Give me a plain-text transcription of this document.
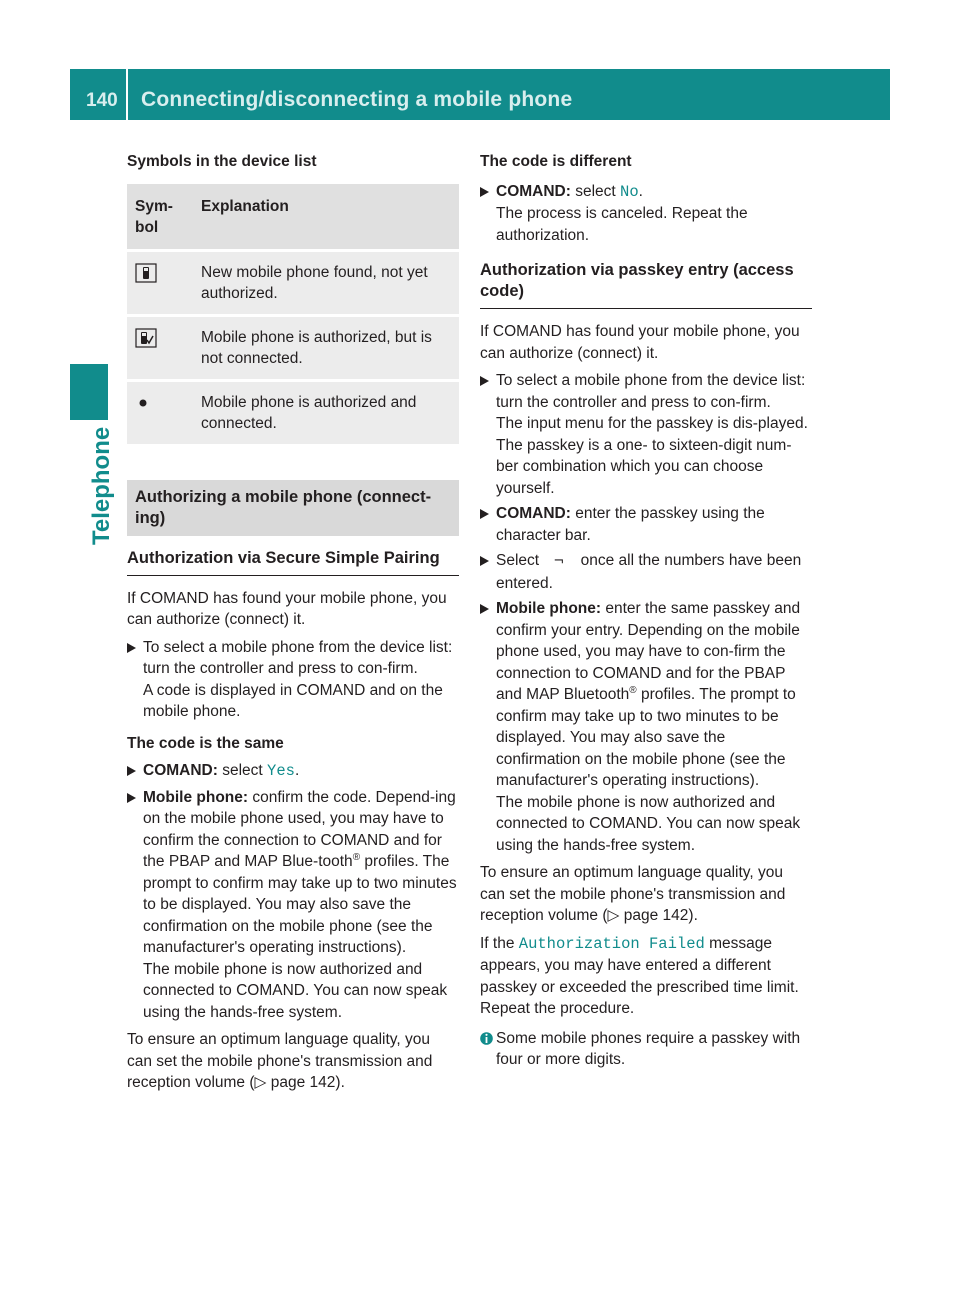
140 Connecting/disconnecting a mobile phone
Telephone

Symbols in the device list

Sym-
bol	Explanation
	New mobile phone found, not yet authorized.
	Mobile phone is authorized, but is not connected.
	Mobile phone is authorized and connected.
Authorizing a mobile phone (connect-ing)
Authorization via Secure Simple Pairing

If COMAND has found your mobile phone, you can authorize (connect) it.

To select a mobile phone from the device list: turn the controller and press to con-firm.

A code is displayed in COMAND and on the mobile phone.

The code is the same

COMAND: select Yes.

Mobile phone: confirm the code. Depend-ing on the mobile phone used, you may have to confirm the connection to COMAND and for the PBAP and MAP Blue-tooth® profiles. The prompt to confirm may take up to two minutes to be displayed. You may also save the confirmation on the mobile phone (see the manufacturer's operating instructions).

The mobile phone is now authorized and connected to COMAND. You can now speak using the hands-free system.

To ensure an optimum language quality, you can set the mobile phone's transmission and reception volume (▷ page 142).

The code is different

COMAND: select No.

The process is canceled. Repeat the authorization.

Authorization via passkey entry (access code)

If COMAND has found your mobile phone, you can authorize (connect) it.

To select a mobile phone from the device list: turn the controller and press to con-firm.

The input menu for the passkey is dis-played.

The passkey is a one- to sixteen-digit num-ber combination which you can choose yourself.

COMAND: enter the passkey using the character bar.

Select ¬ once all the numbers have been entered.

Mobile phone: enter the same passkey and confirm your entry. Depending on the mobile phone used, you may have to con-firm the connection to COMAND and for the PBAP and MAP Bluetooth® profiles. The prompt to confirm may take up to two minutes to be displayed. You may also save the confirmation on the mobile phone (see the manufacturer's operating instructions).

The mobile phone is now authorized and connected to COMAND. You can now speak using the hands-free system.

To ensure an optimum language quality, you can set the mobile phone's transmission and reception volume (▷ page 142).

If the Authorization Failed message appears, you may have entered a different passkey or exceeded the prescribed time limit. Repeat the procedure.

Some mobile phones require a passkey with four or more digits.
